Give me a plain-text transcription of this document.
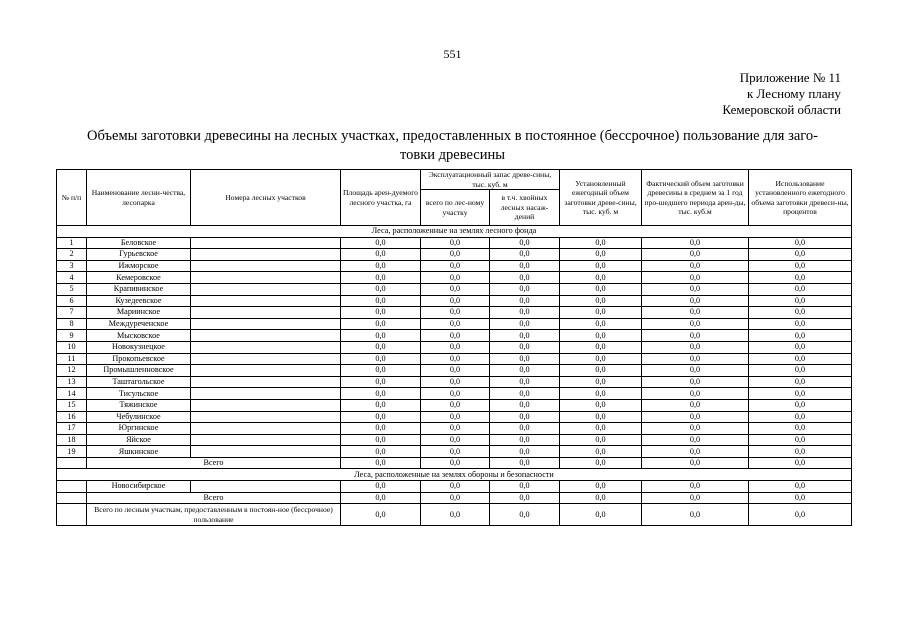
551
Приложение № 11
к Лесному плану
Кемеровской области
Объемы заготовки древесины на лесных участках, предоставленных в постоянное (бессрочное) пользование для заго-
товки древесины
№ п/п	Наименование лесни-чества, лесопарка	Номера лесных участков	Площадь арен-дуемого лесного участка, га	Эксплуатационный запас древе-сины, тыс. куб. м		Установленный ежегодный объем заготовки древе-сины, тыс. куб. м	Фактический объем заготовки древесины в среднем за 1 год про-шедшего периода арен-ды, тыс. куб.м	Использование установленного ежегодного объема заготовки древеси-ны, процентов
				всего по лес-ному участку	в т.ч. хвойных лесных насаж-дений			
Леса, расположенные на землях лесного фонда								
1	Беловское		0,0	0,0	0,0	0,0	0,0	0,0
2	Гурьевское		0,0	0,0	0,0	0,0	0,0	0,0
3	Ижморское		0,0	0,0	0,0	0,0	0,0	0,0
4	Кемеровское		0,0	0,0	0,0	0,0	0,0	0,0
5	Крапивинское		0,0	0,0	0,0	0,0	0,0	0,0
6	Кузедеевское		0,0	0,0	0,0	0,0	0,0	0,0
7	Мариинское		0,0	0,0	0,0	0,0	0,0	0,0
8	Междуреченское		0,0	0,0	0,0	0,0	0,0	0,0
9	Мысковское		0,0	0,0	0,0	0,0	0,0	0,0
10	Новокузнецкое		0,0	0,0	0,0	0,0	0,0	0,0
11	Прокопьевское		0,0	0,0	0,0	0,0	0,0	0,0
12	Промышленновское		0,0	0,0	0,0	0,0	0,0	0,0
13	Таштагольское		0,0	0,0	0,0	0,0	0,0	0,0
14	Тисульское		0,0	0,0	0,0	0,0	0,0	0,0
15	Тяжинское		0,0	0,0	0,0	0,0	0,0	0,0
16	Чебулинское		0,0	0,0	0,0	0,0	0,0	0,0
17	Юргинское		0,0	0,0	0,0	0,0	0,0	0,0
18	Яйское		0,0	0,0	0,0	0,0	0,0	0,0
19	Яшкинское		0,0	0,0	0,0	0,0	0,0	0,0
	Всего		0,0	0,0	0,0	0,0	0,0	0,0
Леса, расположенные на землях обороны и безопасности								
	Новосибирское		0,0	0,0	0,0	0,0	0,0	0,0
	Всего		0,0	0,0	0,0	0,0	0,0	0,0
	Всего по лесным участкам, предоставленным в постоян-ное (бессрочное) пользование		0,0	0,0	0,0	0,0	0,0	0,0
